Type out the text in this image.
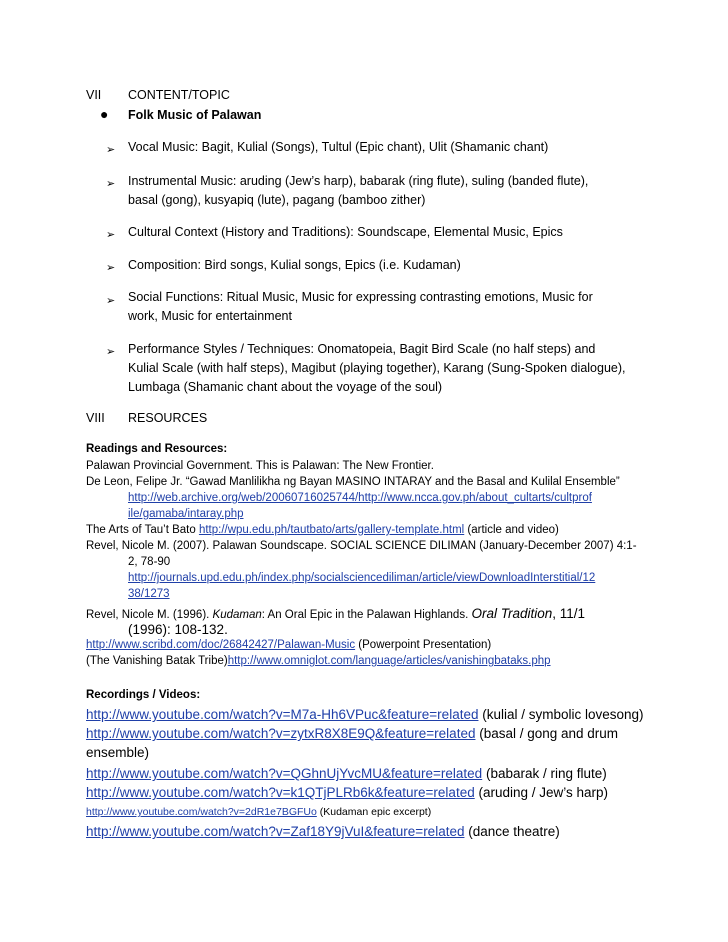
VII CONTENT/TOPIC
● Folk Music of Palawan
➢ Vocal Music: Bagit, Kulial (Songs), Tultul (Epic chant), Ulit (Shamanic chant)
➢ Instrumental Music: aruding (Jew’s harp), babarak (ring flute), suling (banded flute),
basal (gong), kusyapiq (lute), pagang (bamboo zither)
➢ Cultural Context (History and Traditions): Soundscape, Elemental Music, Epics
➢ Composition: Bird songs, Kulial songs, Epics (i.e. Kudaman)
➢ Social Functions: Ritual Music, Music for expressing contrasting emotions, Music for
work, Music for entertainment
➢ Performance Styles / Techniques: Onomatopeia, Bagit Bird Scale (no half steps) and
Kulial Scale (with half steps), Magibut (playing together), Karang (Sung-Spoken dialogue),
Lumbaga (Shamanic chant about the voyage of the soul)
VIII RESOURCES
Readings and Resources:
Palawan Provincial Government. This is Palawan: The New Frontier.
De Leon, Felipe Jr. “Gawad Manlilikha ng Bayan MASINO INTARAY and the Basal and Kulilal Ensemble”
http://web.archive.org/web/20060716025744/http://www.ncca.gov.ph/about_cultarts/cultprof
ile/gamaba/intaray.php
The Arts of Tau’t Bato http://wpu.edu.ph/tautbato/arts/gallery-template.html (article and video)
Revel, Nicole M. (2007). Palawan Soundscape. SOCIAL SCIENCE DILIMAN (January-December 2007) 4:1-
2, 78-90
http://journals.upd.edu.ph/index.php/socialsciencediliman/article/viewDownloadInterstitial/12
38/1273
Revel, Nicole M. (1996). Kudaman: An Oral Epic in the Palawan Highlands. Oral Tradition, 11/1
(1996): 108-132.
http://www.scribd.com/doc/26842427/Palawan-Music (Powerpoint Presentation)
(The Vanishing Batak Tribe)http://www.omniglot.com/language/articles/vanishingbataks.php
Recordings / Videos:
http://www.youtube.com/watch?v=M7a-Hh6VPuc&feature=related (kulial / symbolic lovesong)
http://www.youtube.com/watch?v=zytxR8X8E9Q&feature=related (basal / gong and drum
ensemble)
http://www.youtube.com/watch?v=QGhnUjYvcMU&feature=related (babarak / ring flute)
http://www.youtube.com/watch?v=k1QTjPLRb6k&feature=related (aruding / Jew’s harp)
http://www.youtube.com/watch?v=2dR1e7BGFUo (Kudaman epic excerpt)
http://www.youtube.com/watch?v=Zaf18Y9jVuI&feature=related (dance theatre)
